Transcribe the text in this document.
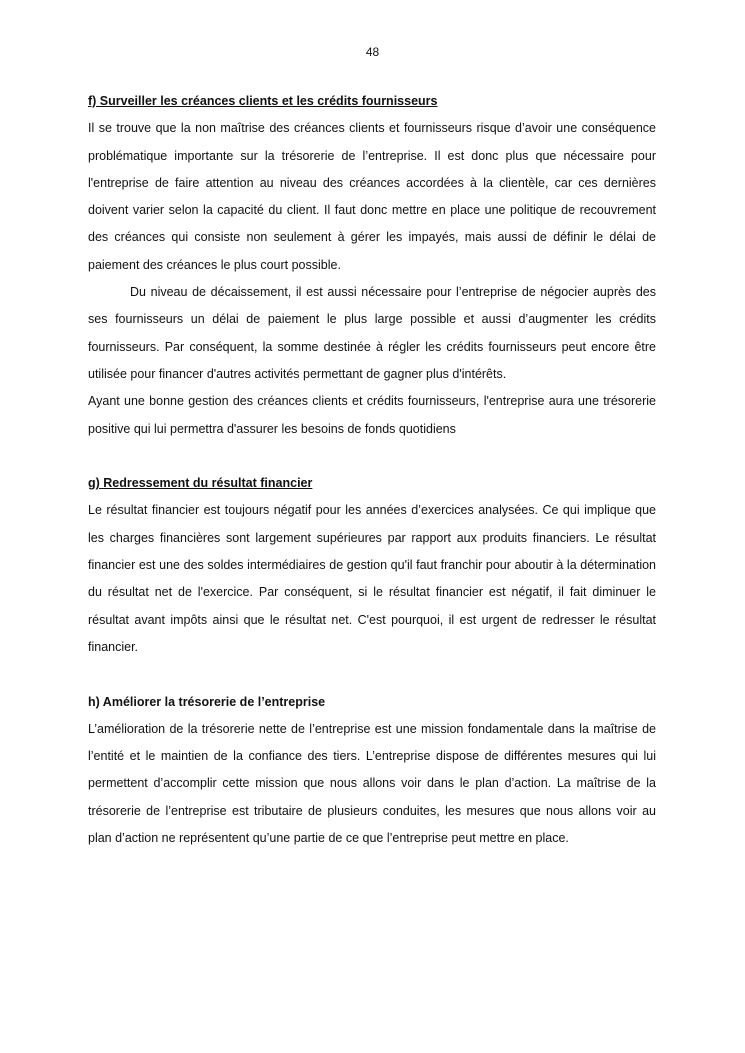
48
f) Surveiller les créances clients et les crédits fournisseurs

Il se trouve que la non maîtrise des créances clients et fournisseurs risque d’avoir une conséquence problématique importante sur la trésorerie de l’entreprise. Il est donc plus que nécessaire pour l'entreprise de faire attention au niveau des créances accordées à la clientèle, car ces dernières doivent varier selon la capacité du client. Il faut donc mettre en place une politique de recouvrement des créances qui consiste non seulement à gérer les impayés, mais aussi de définir le délai de paiement des créances le plus court possible.

Du niveau de décaissement, il est aussi nécessaire pour l’entreprise de négocier auprès des ses fournisseurs un délai de paiement le plus large possible et aussi d’augmenter les crédits fournisseurs. Par conséquent, la somme destinée à régler les crédits fournisseurs peut encore être utilisée pour financer d'autres activités permettant de gagner plus d'intérêts.

Ayant une bonne gestion des créances clients et crédits fournisseurs, l'entreprise aura une trésorerie positive qui lui permettra d'assurer les besoins de fonds quotidiens

g) Redressement du résultat financier

Le résultat financier est toujours négatif pour les années d’exercices analysées. Ce qui implique que les charges financières sont largement supérieures par rapport aux produits financiers. Le résultat financier est une des soldes intermédiaires de gestion qu'il faut franchir pour aboutir à la détermination du résultat net de l'exercice. Par conséquent, si le résultat financier est négatif, il fait diminuer le résultat avant impôts ainsi que le résultat net. C'est pourquoi, il est urgent de redresser le résultat financier.

h) Améliorer la trésorerie de l’entreprise

L’amélioration de la trésorerie nette de l’entreprise est une mission fondamentale dans la maîtrise de l’entité et le maintien de la confiance des tiers. L’entreprise dispose de différentes mesures qui lui permettent d’accomplir cette mission que nous allons voir dans le plan d’action. La maîtrise de la trésorerie de l’entreprise est tributaire de plusieurs conduites, les mesures que nous allons voir au plan d’action ne représentent qu’une partie de ce que l’entreprise peut mettre en place.
